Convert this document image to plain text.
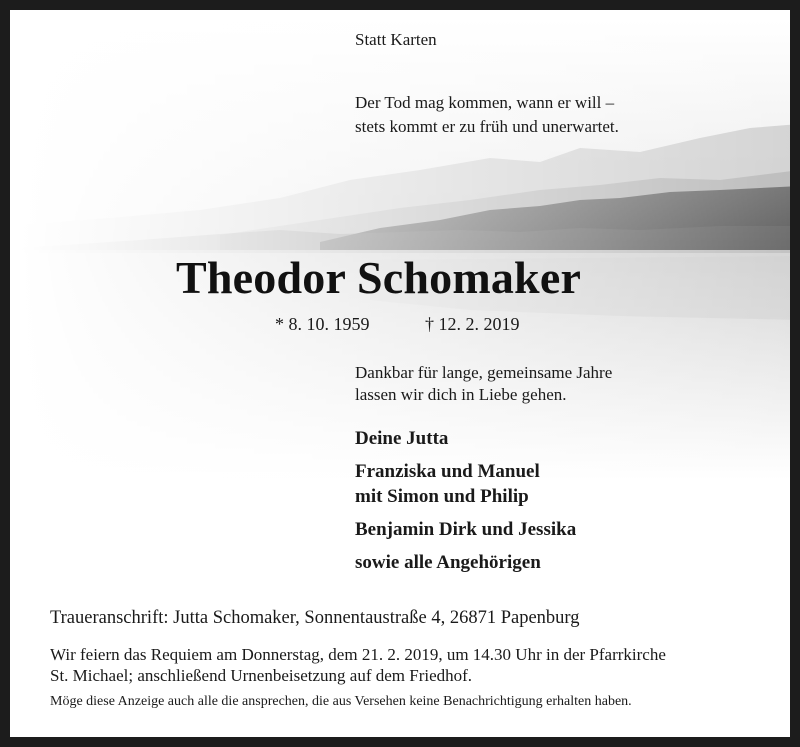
Statt Karten
Der Tod mag kommen, wann er will –
stets kommt er zu früh und unerwartet.
Theodor Schomaker
* 8. 10. 1959	† 12. 2. 2019
Dankbar für lange, gemeinsame Jahre
lassen wir dich in Liebe gehen.
Deine Jutta
Franziska und Manuel
mit Simon und Philip
Benjamin Dirk und Jessika
sowie alle Angehörigen
Traueranschrift: Jutta Schomaker, Sonnentaustraße 4, 26871 Papenburg
Wir feiern das Requiem am Donnerstag, dem 21. 2. 2019, um 14.30 Uhr in der Pfarrkirche
St. Michael; anschließend Urnenbeisetzung auf dem Friedhof.
Möge diese Anzeige auch alle die ansprechen, die aus Versehen keine Benachrichtigung erhalten haben.
